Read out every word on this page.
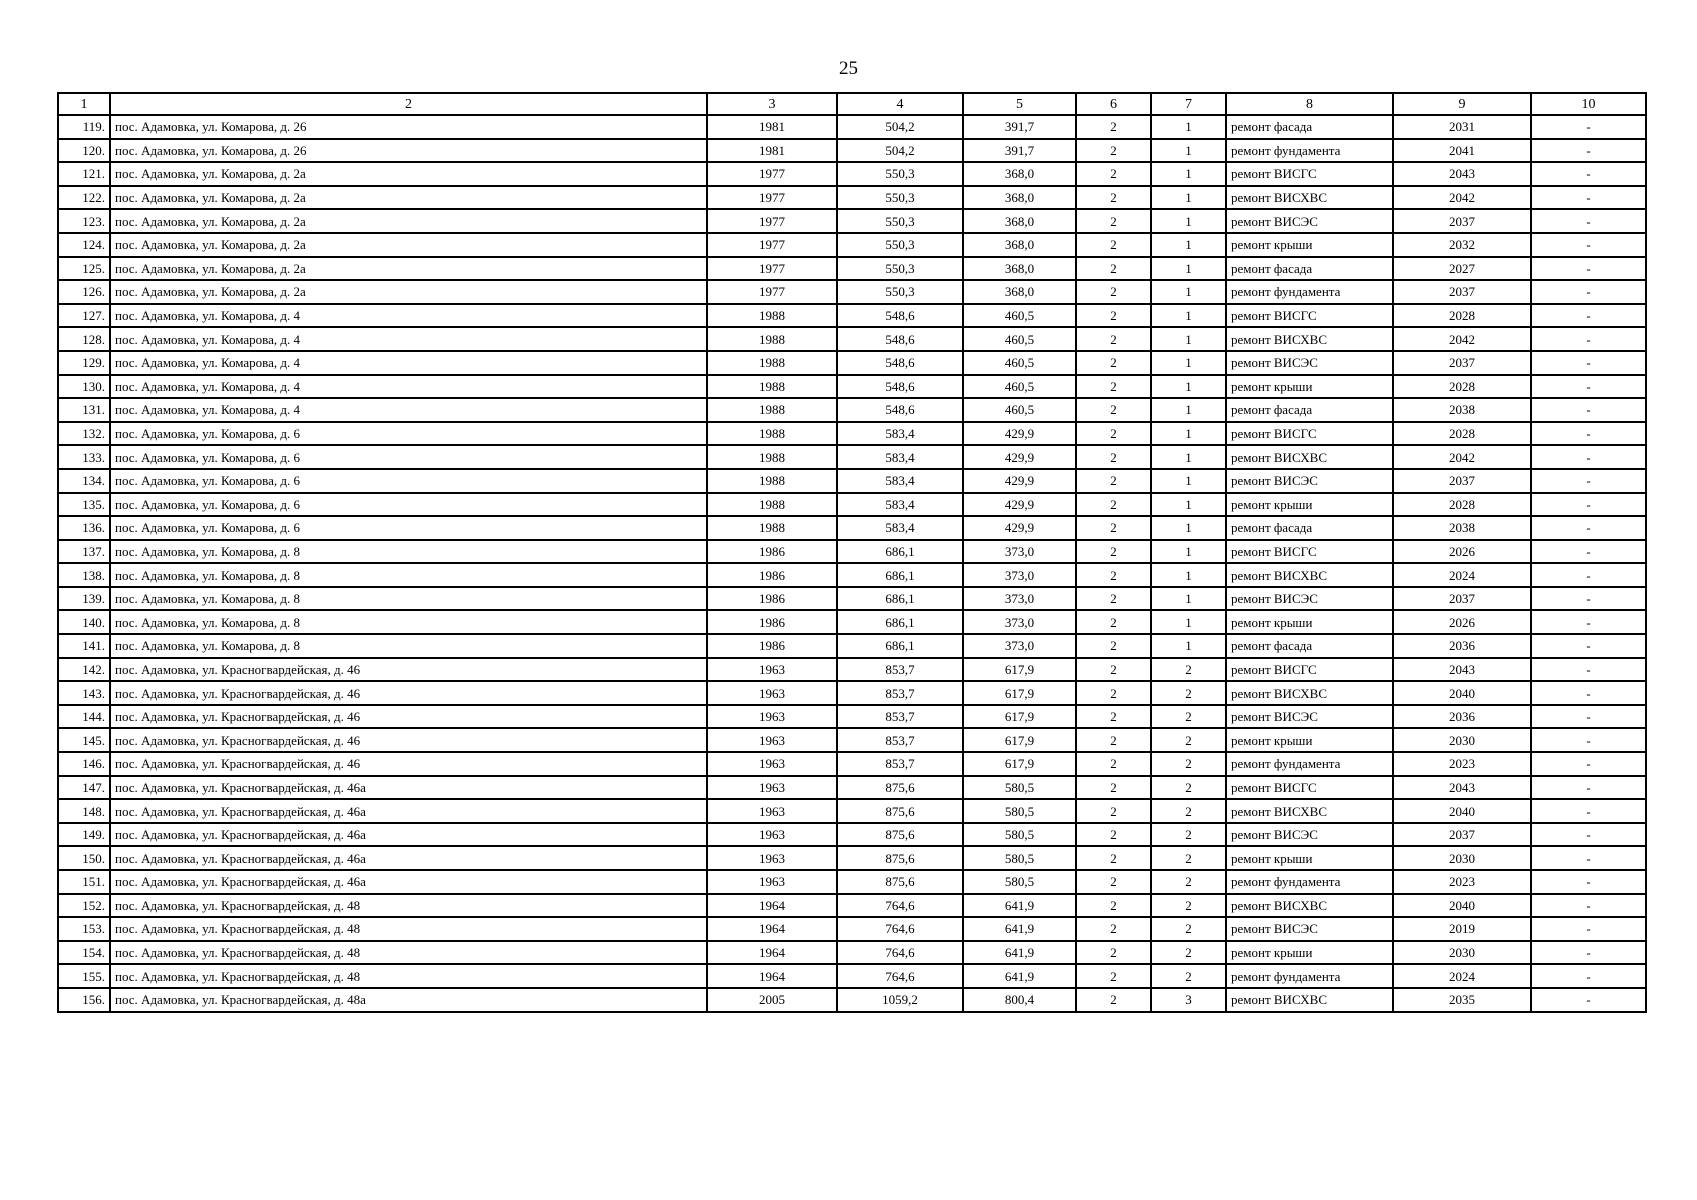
25
1	2	3	4	5	6	7	8	9	10
119.	пос. Адамовка, ул. Комарова, д. 26	1981	504,2	391,7	2	1	ремонт фасада	2031	-
120.	пос. Адамовка, ул. Комарова, д. 26	1981	504,2	391,7	2	1	ремонт фундамента	2041	-
121.	пос. Адамовка, ул. Комарова, д. 2а	1977	550,3	368,0	2	1	ремонт ВИСГС	2043	-
122.	пос. Адамовка, ул. Комарова, д. 2а	1977	550,3	368,0	2	1	ремонт ВИСХВС	2042	-
123.	пос. Адамовка, ул. Комарова, д. 2а	1977	550,3	368,0	2	1	ремонт ВИСЭС	2037	-
124.	пос. Адамовка, ул. Комарова, д. 2а	1977	550,3	368,0	2	1	ремонт крыши	2032	-
125.	пос. Адамовка, ул. Комарова, д. 2а	1977	550,3	368,0	2	1	ремонт фасада	2027	-
126.	пос. Адамовка, ул. Комарова, д. 2а	1977	550,3	368,0	2	1	ремонт фундамента	2037	-
127.	пос. Адамовка, ул. Комарова, д. 4	1988	548,6	460,5	2	1	ремонт ВИСГС	2028	-
128.	пос. Адамовка, ул. Комарова, д. 4	1988	548,6	460,5	2	1	ремонт ВИСХВС	2042	-
129.	пос. Адамовка, ул. Комарова, д. 4	1988	548,6	460,5	2	1	ремонт ВИСЭС	2037	-
130.	пос. Адамовка, ул. Комарова, д. 4	1988	548,6	460,5	2	1	ремонт крыши	2028	-
131.	пос. Адамовка, ул. Комарова, д. 4	1988	548,6	460,5	2	1	ремонт фасада	2038	-
132.	пос. Адамовка, ул. Комарова, д. 6	1988	583,4	429,9	2	1	ремонт ВИСГС	2028	-
133.	пос. Адамовка, ул. Комарова, д. 6	1988	583,4	429,9	2	1	ремонт ВИСХВС	2042	-
134.	пос. Адамовка, ул. Комарова, д. 6	1988	583,4	429,9	2	1	ремонт ВИСЭС	2037	-
135.	пос. Адамовка, ул. Комарова, д. 6	1988	583,4	429,9	2	1	ремонт крыши	2028	-
136.	пос. Адамовка, ул. Комарова, д. 6	1988	583,4	429,9	2	1	ремонт фасада	2038	-
137.	пос. Адамовка, ул. Комарова, д. 8	1986	686,1	373,0	2	1	ремонт ВИСГС	2026	-
138.	пос. Адамовка, ул. Комарова, д. 8	1986	686,1	373,0	2	1	ремонт ВИСХВС	2024	-
139.	пос. Адамовка, ул. Комарова, д. 8	1986	686,1	373,0	2	1	ремонт ВИСЭС	2037	-
140.	пос. Адамовка, ул. Комарова, д. 8	1986	686,1	373,0	2	1	ремонт крыши	2026	-
141.	пос. Адамовка, ул. Комарова, д. 8	1986	686,1	373,0	2	1	ремонт фасада	2036	-
142.	пос. Адамовка, ул. Красногвардейская, д. 46	1963	853,7	617,9	2	2	ремонт ВИСГС	2043	-
143.	пос. Адамовка, ул. Красногвардейская, д. 46	1963	853,7	617,9	2	2	ремонт ВИСХВС	2040	-
144.	пос. Адамовка, ул. Красногвардейская, д. 46	1963	853,7	617,9	2	2	ремонт ВИСЭС	2036	-
145.	пос. Адамовка, ул. Красногвардейская, д. 46	1963	853,7	617,9	2	2	ремонт крыши	2030	-
146.	пос. Адамовка, ул. Красногвардейская, д. 46	1963	853,7	617,9	2	2	ремонт фундамента	2023	-
147.	пос. Адамовка, ул. Красногвардейская, д. 46а	1963	875,6	580,5	2	2	ремонт ВИСГС	2043	-
148.	пос. Адамовка, ул. Красногвардейская, д. 46а	1963	875,6	580,5	2	2	ремонт ВИСХВС	2040	-
149.	пос. Адамовка, ул. Красногвардейская, д. 46а	1963	875,6	580,5	2	2	ремонт ВИСЭС	2037	-
150.	пос. Адамовка, ул. Красногвардейская, д. 46а	1963	875,6	580,5	2	2	ремонт крыши	2030	-
151.	пос. Адамовка, ул. Красногвардейская, д. 46а	1963	875,6	580,5	2	2	ремонт фундамента	2023	-
152.	пос. Адамовка, ул. Красногвардейская, д. 48	1964	764,6	641,9	2	2	ремонт ВИСХВС	2040	-
153.	пос. Адамовка, ул. Красногвардейская, д. 48	1964	764,6	641,9	2	2	ремонт ВИСЭС	2019	-
154.	пос. Адамовка, ул. Красногвардейская, д. 48	1964	764,6	641,9	2	2	ремонт крыши	2030	-
155.	пос. Адамовка, ул. Красногвардейская, д. 48	1964	764,6	641,9	2	2	ремонт фундамента	2024	-
156.	пос. Адамовка, ул. Красногвардейская, д. 48а	2005	1059,2	800,4	2	3	ремонт ВИСХВС	2035	-
